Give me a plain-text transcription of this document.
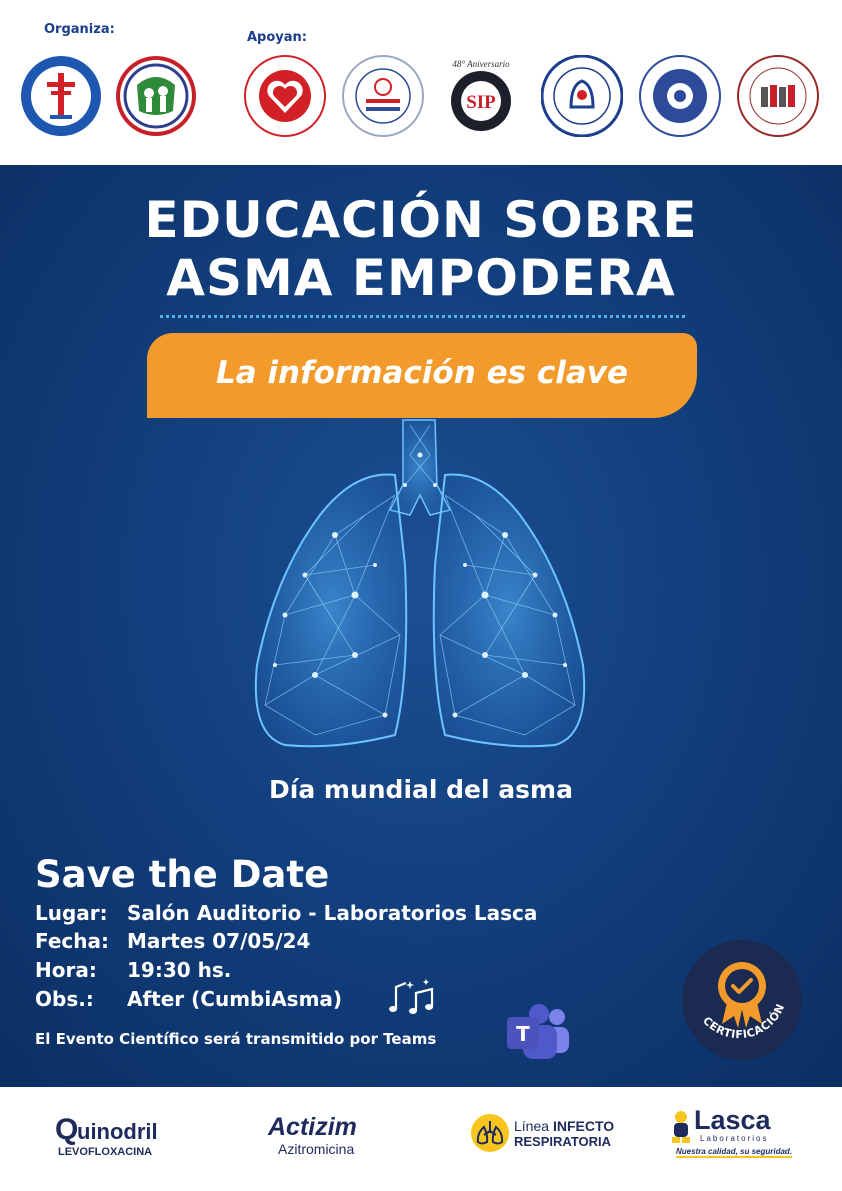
Organiza:
Apoyan:
SIP
48° Aniversario
EDUCACIÓN SOBRE
ASMA EMPODERA
La información es clave
Día mundial del asma
Save the Date
Lugar: Salón Auditorio - Laboratorios Lasca
Fecha: Martes 07/05/24
Hora: 19:30 hs.
Obs.: After (CumbiAsma)
El Evento Científico será transmitido por Teams	T
CERTIFICACIÓN
Q
uinodril
LEVOFLOXACINA
Actizim
Azitromicina
Línea INFECTO
RESPIRATORIA
Lasca
Laboratorios
Nuestra calidad, su seguridad.
